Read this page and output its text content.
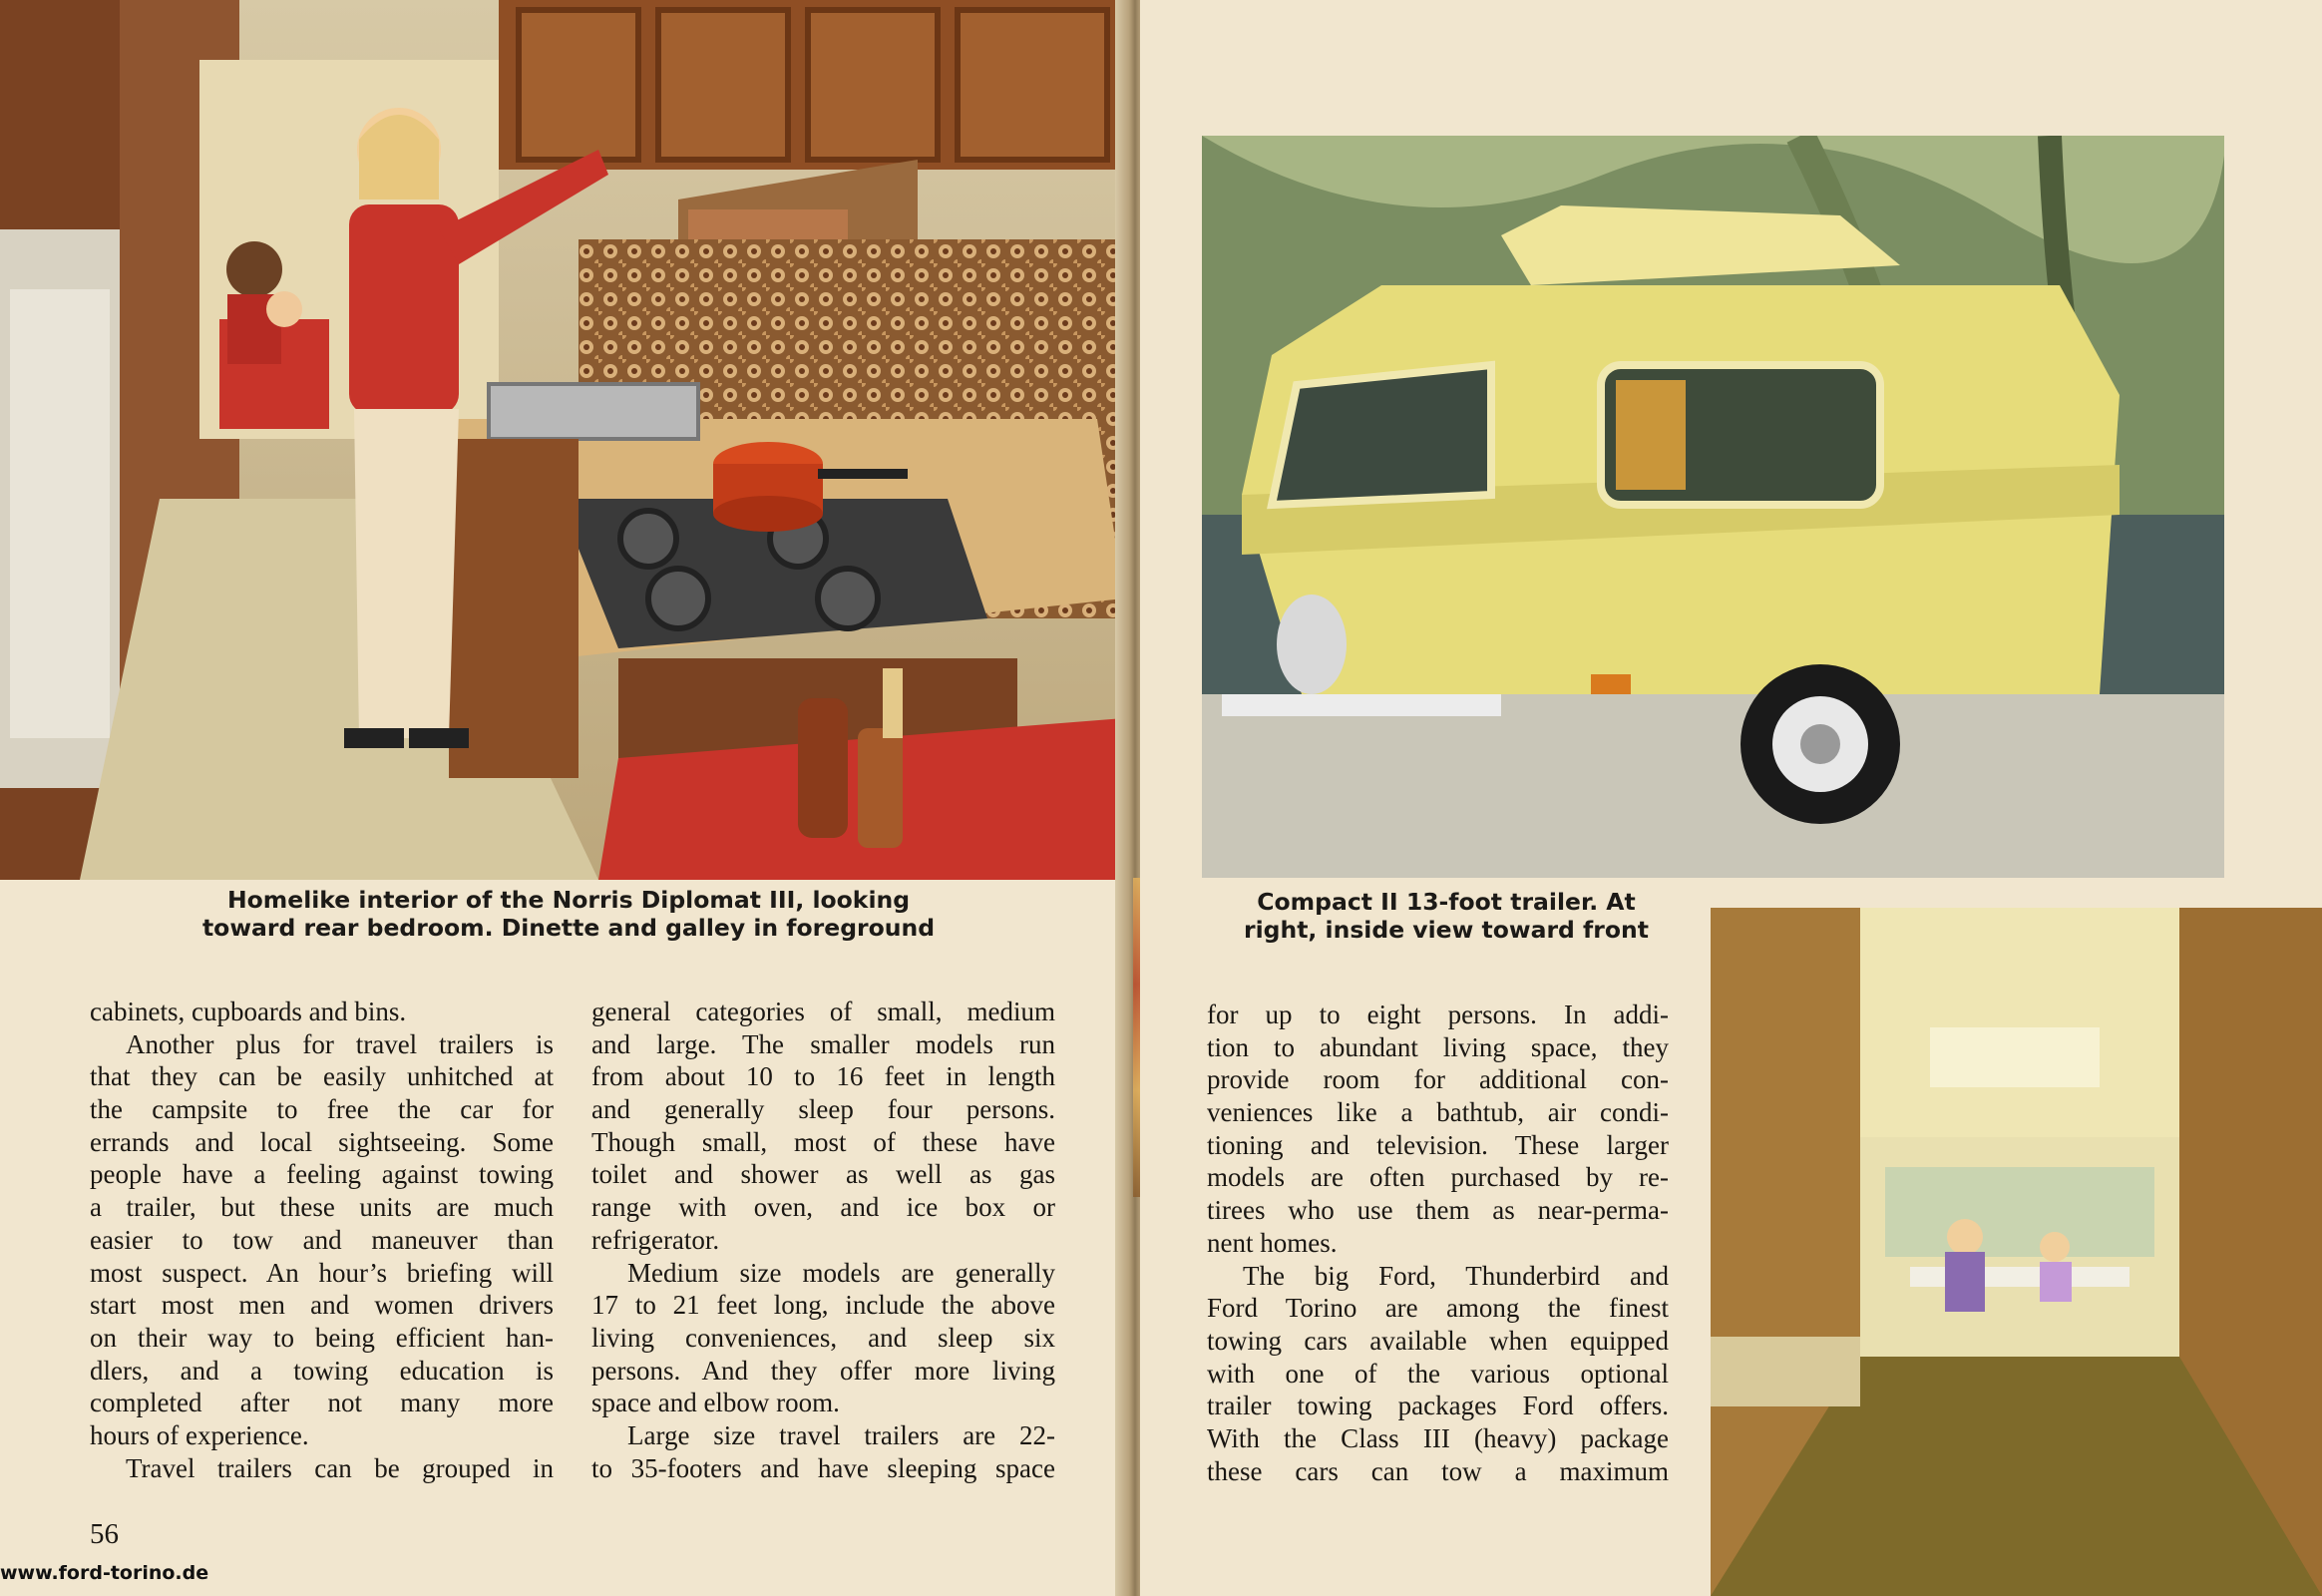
Homelike interior of the Norris Diplomat III, looking
toward rear bedroom. Dinette and galley in foreground
cabinets, cupboards and bins.
Another plus for travel trailers is
that they can be easily unhitched at
the campsite to free the car for
errands and local sightseeing. Some
people have a feeling against towing
a trailer, but these units are much
easier to tow and maneuver than
most suspect. An hour’s briefing will
start most men and women drivers
on their way to being efficient han-
dlers, and a towing education is
completed after not many more
hours of experience.
Travel trailers can be grouped in
general categories of small, medium
and large. The smaller models run
from about 10 to 16 feet in length
and generally sleep four persons.
Though small, most of these have
toilet and shower as well as gas
range with oven, and ice box or
refrigerator.
Medium size models are generally
17 to 21 feet long, include the above
living conveniences, and sleep six
persons. And they offer more living
space and elbow room.
Large size travel trailers are 22-
to 35-footers and have sleeping space
56
Compact II 13-foot trailer. At
right, inside view toward front
for up to eight persons. In addi-
tion to abundant living space, they
provide room for additional con-
veniences like a bathtub, air condi-
tioning and television. These larger
models are often purchased by re-
tirees who use them as near-perma-
nent homes.
The big Ford, Thunderbird and
Ford Torino are among the finest
towing cars available when equipped
with one of the various optional
trailer towing packages Ford offers.
With the Class III (heavy) package
these cars can tow a maximum
www.ford-torino.de
